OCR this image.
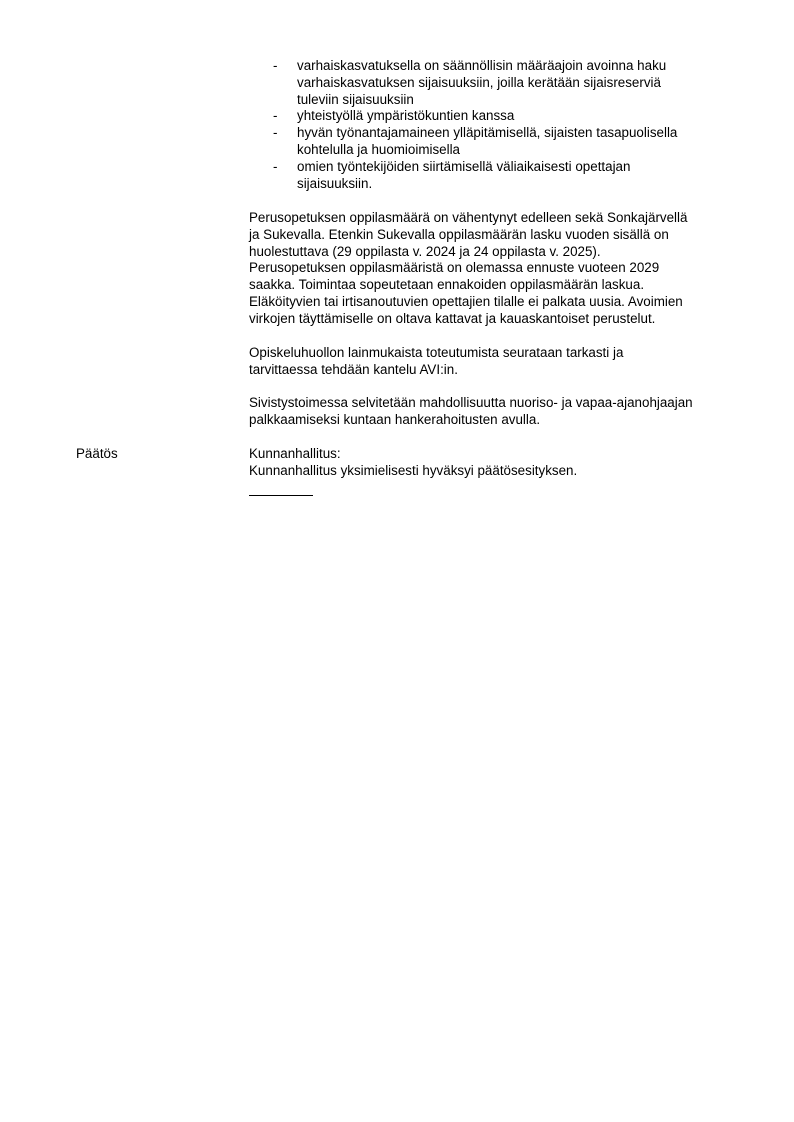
- varhaiskasvatuksella on säännöllisin määräajoin avoinna haku
varhaiskasvatuksen sijaisuuksiin, joilla kerätään sijaisreserviä
tuleviin sijaisuuksiin
- yhteistyöllä ympäristökuntien kanssa
- hyvän työnantajamaineen ylläpitämisellä, sijaisten tasapuolisella
kohtelulla ja huomioimisella
- omien työntekijöiden siirtämisellä väliaikaisesti opettajan
sijaisuuksiin.

Perusopetuksen oppilasmäärä on vähentynyt edelleen sekä Sonkajärvellä
ja Sukevalla. Etenkin Sukevalla oppilasmäärän lasku vuoden sisällä on
huolestuttava (29 oppilasta v. 2024 ja 24 oppilasta v. 2025).
Perusopetuksen oppilasmääristä on olemassa ennuste vuoteen 2029
saakka. Toimintaa sopeutetaan ennakoiden oppilasmäärän laskua.
Eläköityvien tai irtisanoutuvien opettajien tilalle ei palkata uusia. Avoimien
virkojen täyttämiselle on oltava kattavat ja kauaskantoiset perustelut.

Opiskeluhuollon lainmukaista toteutumista seurataan tarkasti ja
tarvittaessa tehdään kantelu AVI:in.

Sivistystoimessa selvitetään mahdollisuutta nuoriso- ja vapaa-ajanohjaajan
palkkaamiseksi kuntaan hankerahoitusten avulla.

Päätös	Kunnanhallitus:
Kunnanhallitus yksimielisesti hyväksyi päätösesityksen.
